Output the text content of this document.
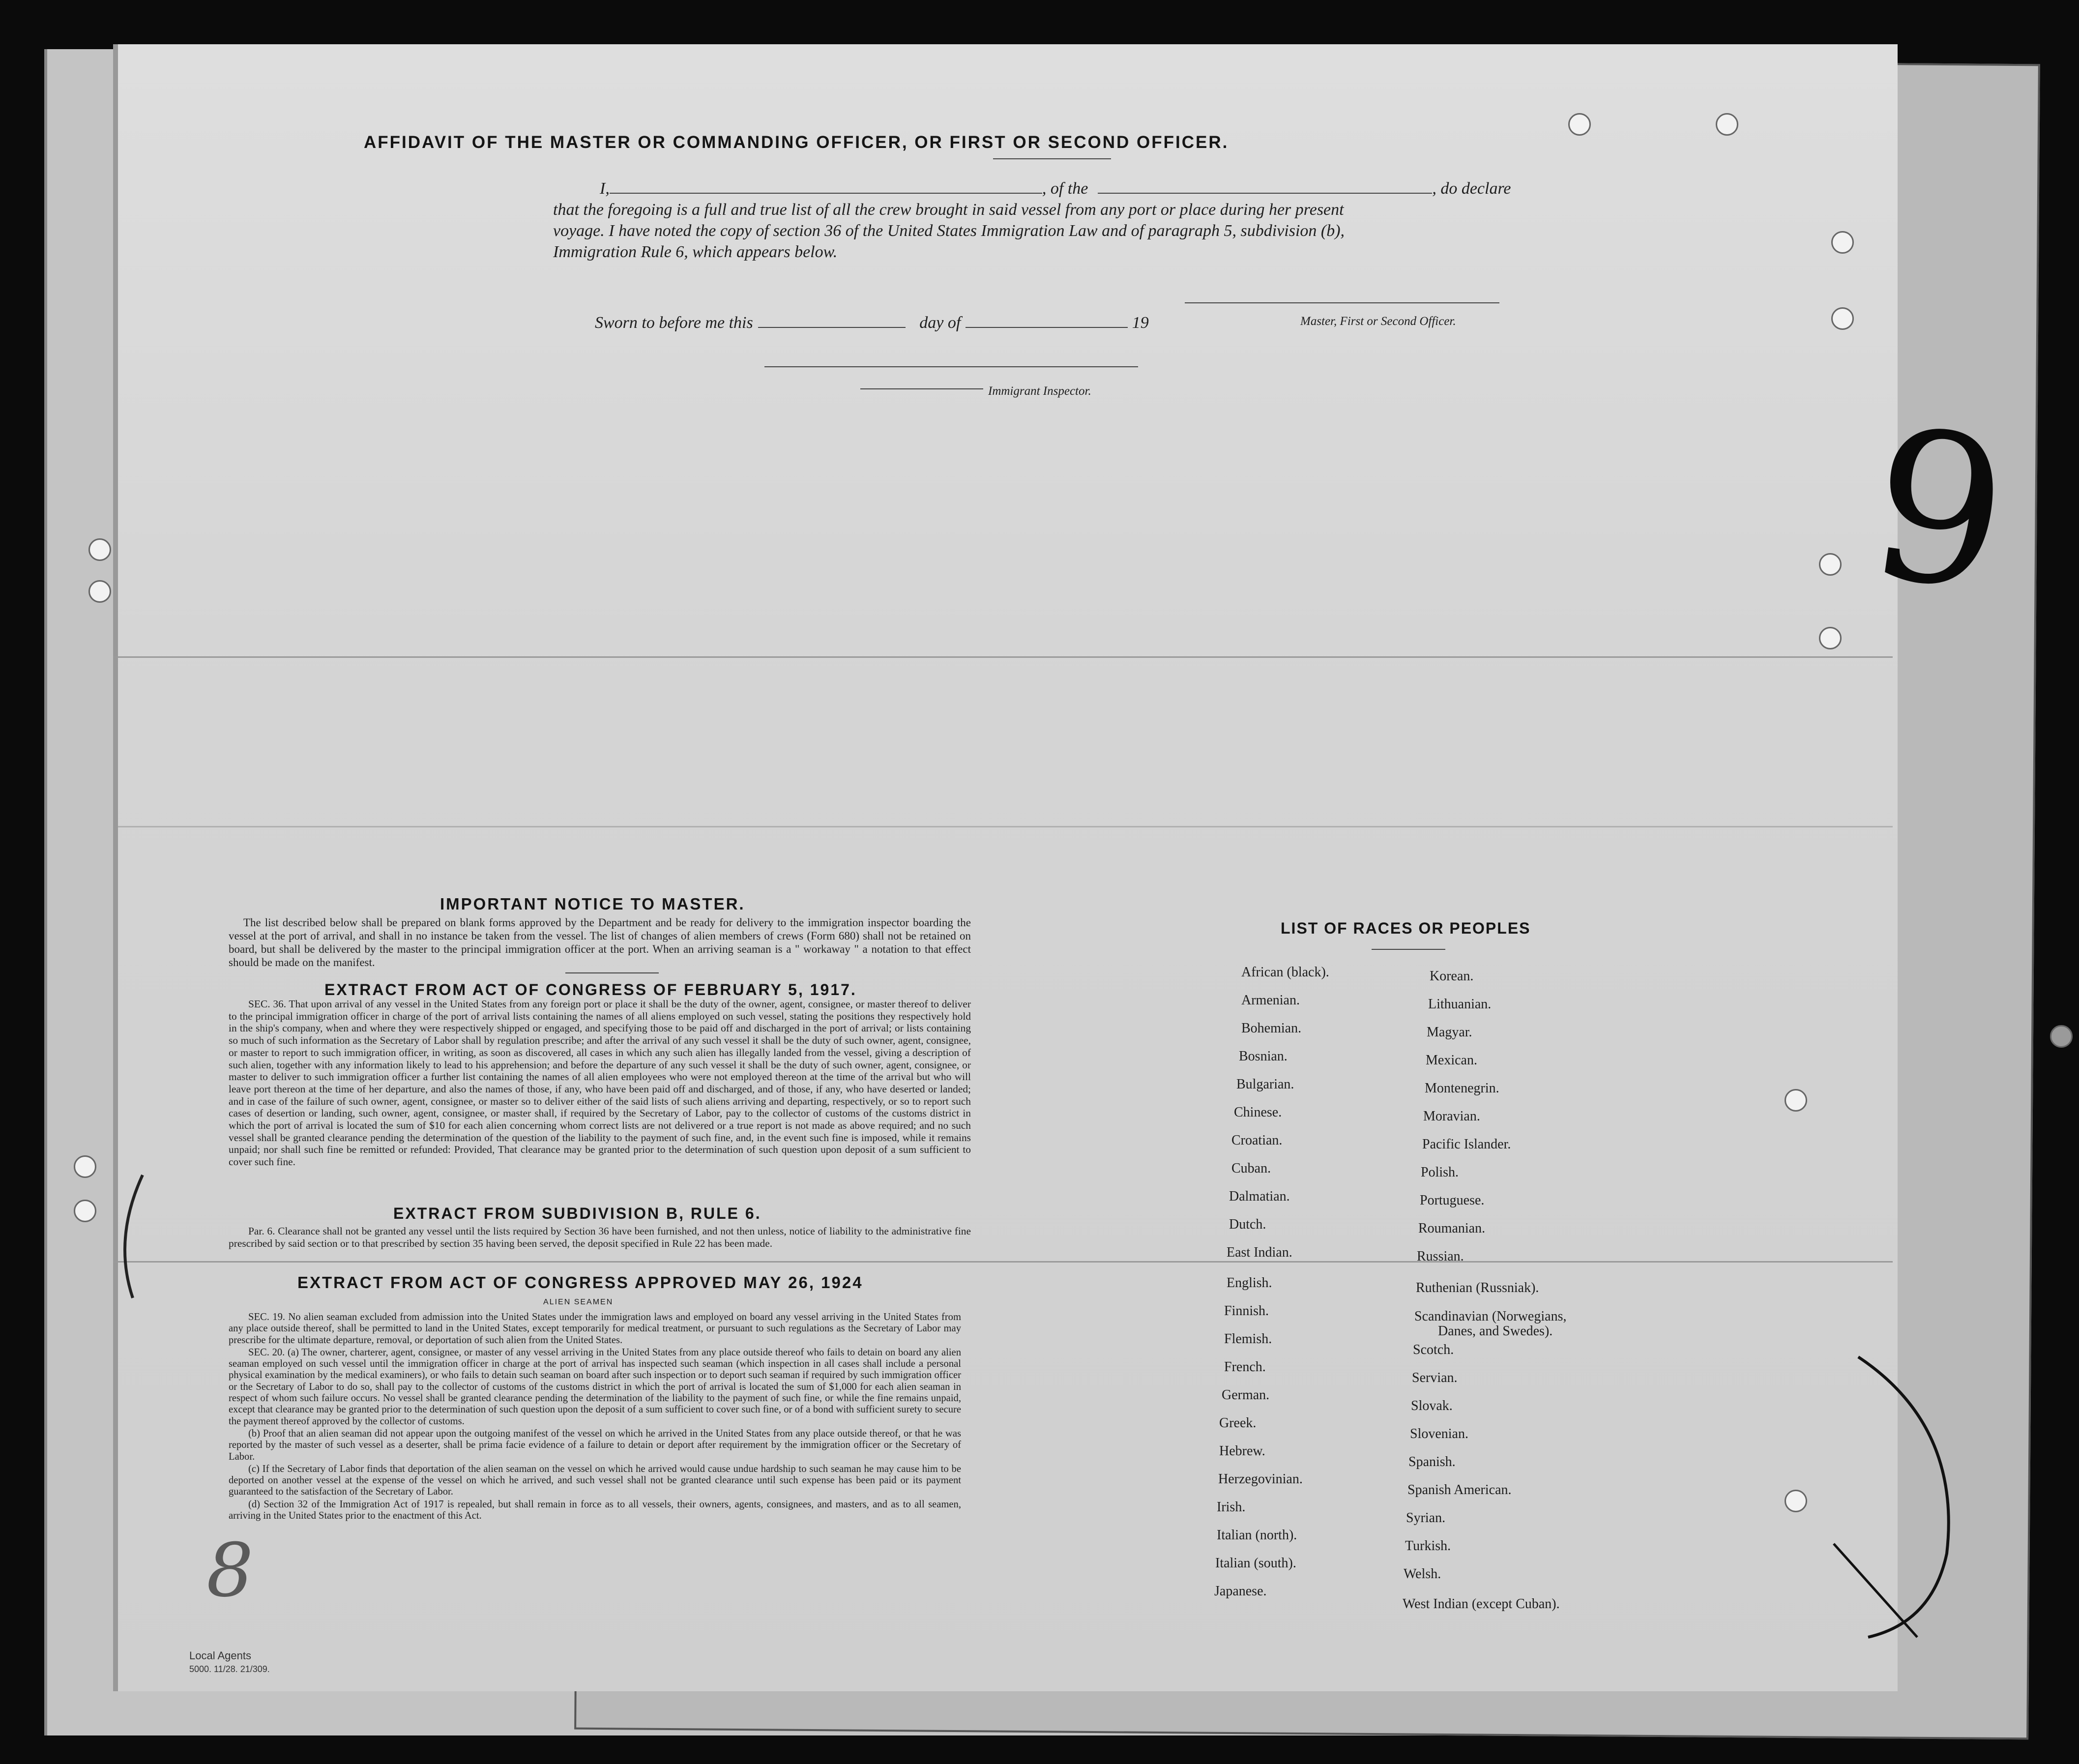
AFFIDAVIT OF THE MASTER OR COMMANDING OFFICER, OR FIRST OR SECOND OFFICER.
I,	, of the	, do declare
that the foregoing is a full and true list of all the crew brought in said vessel from any port or place during her present
voyage. I have noted the copy of section 36 of the United States Immigration Law and of paragraph 5, subdivision (b),
Immigration Rule 6, which appears below.
Sworn to before me this	day of	19	Master, First or Second Officer.
Immigrant Inspector.
IMPORTANT NOTICE TO MASTER.

The list described below shall be prepared on blank forms approved by the Department and be ready for delivery to the immigration inspector boarding the vessel at the port of arrival, and shall in no instance be taken from the vessel. The list of changes of alien members of crews (Form 680) shall not be retained on board, but shall be delivered by the master to the principal immigration officer at the port. When an arriving seaman is a " workaway " a notation to that effect should be made on the manifest.

EXTRACT FROM ACT OF CONGRESS OF FEBRUARY 5, 1917.

SEC. 36. That upon arrival of any vessel in the United States from any foreign port or place it shall be the duty of the owner, agent, consignee, or master thereof to deliver to the principal immigration officer in charge of the port of arrival lists containing the names of all aliens employed on such vessel, stating the positions they respectively hold in the ship's company, when and where they were respectively shipped or engaged, and specifying those to be paid off and discharged in the port of arrival; or lists containing so much of such information as the Secretary of Labor shall by regulation prescribe; and after the arrival of any such vessel it shall be the duty of such owner, agent, consignee, or master to report to such immigration officer, in writing, as soon as discovered, all cases in which any such alien has illegally landed from the vessel, giving a description of such alien, together with any information likely to lead to his apprehension; and before the departure of any such vessel it shall be the duty of such owner, agent, consignee, or master to deliver to such immigration officer a further list containing the names of all alien employees who were not employed thereon at the time of the arrival but who will leave port thereon at the time of her departure, and also the names of those, if any, who have been paid off and discharged, and of those, if any, who have deserted or landed; and in case of the failure of such owner, agent, consignee, or master so to deliver either of the said lists of such aliens arriving and departing, respectively, or so to report such cases of desertion or landing, such owner, agent, consignee, or master shall, if required by the Secretary of Labor, pay to the collector of customs of the customs district in which the port of arrival is located the sum of $10 for each alien concerning whom correct lists are not delivered or a true report is not made as above required; and no such vessel shall be granted clearance pending the determination of the question of the liability to the payment of such fine, and, in the event such fine is imposed, while it remains unpaid; nor shall such fine be remitted or refunded: Provided, That clearance may be granted prior to the determination of such question upon deposit of a sum sufficient to cover such fine.

EXTRACT FROM SUBDIVISION B, RULE 6.

Par. 6. Clearance shall not be granted any vessel until the lists required by Section 36 have been furnished, and not then unless, notice of liability to the administrative fine prescribed by said section or to that prescribed by section 35 having been served, the deposit specified in Rule 22 has been made.

EXTRACT FROM ACT OF CONGRESS APPROVED MAY 26, 1924
ALIEN SEAMEN

SEC. 19. No alien seaman excluded from admission into the United States under the immigration laws and employed on board any vessel arriving in the United States from any place outside thereof, shall be permitted to land in the United States, except temporarily for medical treatment, or pursuant to such regulations as the Secretary of Labor may prescribe for the ultimate departure, removal, or deportation of such alien from the United States.

SEC. 20. (a) The owner, charterer, agent, consignee, or master of any vessel arriving in the United States from any place outside thereof who fails to detain on board any alien seaman employed on such vessel until the immigration officer in charge at the port of arrival has inspected such seaman (which inspection in all cases shall include a personal physical examination by the medical examiners), or who fails to detain such seaman on board after such inspection or to deport such seaman if required by such immigration officer or the Secretary of Labor to do so, shall pay to the collector of customs of the customs district in which the port of arrival is located the sum of $1,000 for each alien seaman in respect of whom such failure occurs. No vessel shall be granted clearance pending the determination of the liability to the payment of such fine, or while the fine remains unpaid, except that clearance may be granted prior to the determination of such question upon the deposit of a sum sufficient to cover such fine, or of a bond with sufficient surety to secure the payment thereof approved by the collector of customs.

(b) Proof that an alien seaman did not appear upon the outgoing manifest of the vessel on which he arrived in the United States from any place outside thereof, or that he was reported by the master of such vessel as a deserter, shall be prima facie evidence of a failure to detain or deport after requirement by the immigration officer or the Secretary of Labor.

(c) If the Secretary of Labor finds that deportation of the alien seaman on the vessel on which he arrived would cause undue hardship to such seaman he may cause him to be deported on another vessel at the expense of the vessel on which he arrived, and such vessel shall not be granted clearance until such expense has been paid or its payment guaranteed to the satisfaction of the Secretary of Labor.

(d) Section 32 of the Immigration Act of 1917 is repealed, but shall remain in force as to all vessels, their owners, agents, consignees, and masters, and as to all seamen, arriving in the United States prior to the enactment of this Act.

LIST OF RACES OR PEOPLES
African (black).
Armenian.
Bohemian.
Bosnian.
Bulgarian.
Chinese.
Croatian.
Cuban.
Dalmatian.
Dutch.
East Indian.
English.
Finnish.
Flemish.
French.
German.
Greek.
Hebrew.
Herzegovinian.
Irish.
Italian (north).
Italian (south).
Japanese.
Korean.
Lithuanian.
Magyar.
Mexican.
Montenegrin.
Moravian.
Pacific Islander.
Polish.
Portuguese.
Roumanian.
Russian.
Ruthenian (Russniak).
Scandinavian (Norwegians,
Danes, and Swedes).
Scotch.
Servian.
Slovak.
Slovenian.
Spanish.
Spanish American.
Syrian.
Turkish.
Welsh.
West Indian (except Cuban).
9
8
Local Agents
5000. 11/28. 21/309.
